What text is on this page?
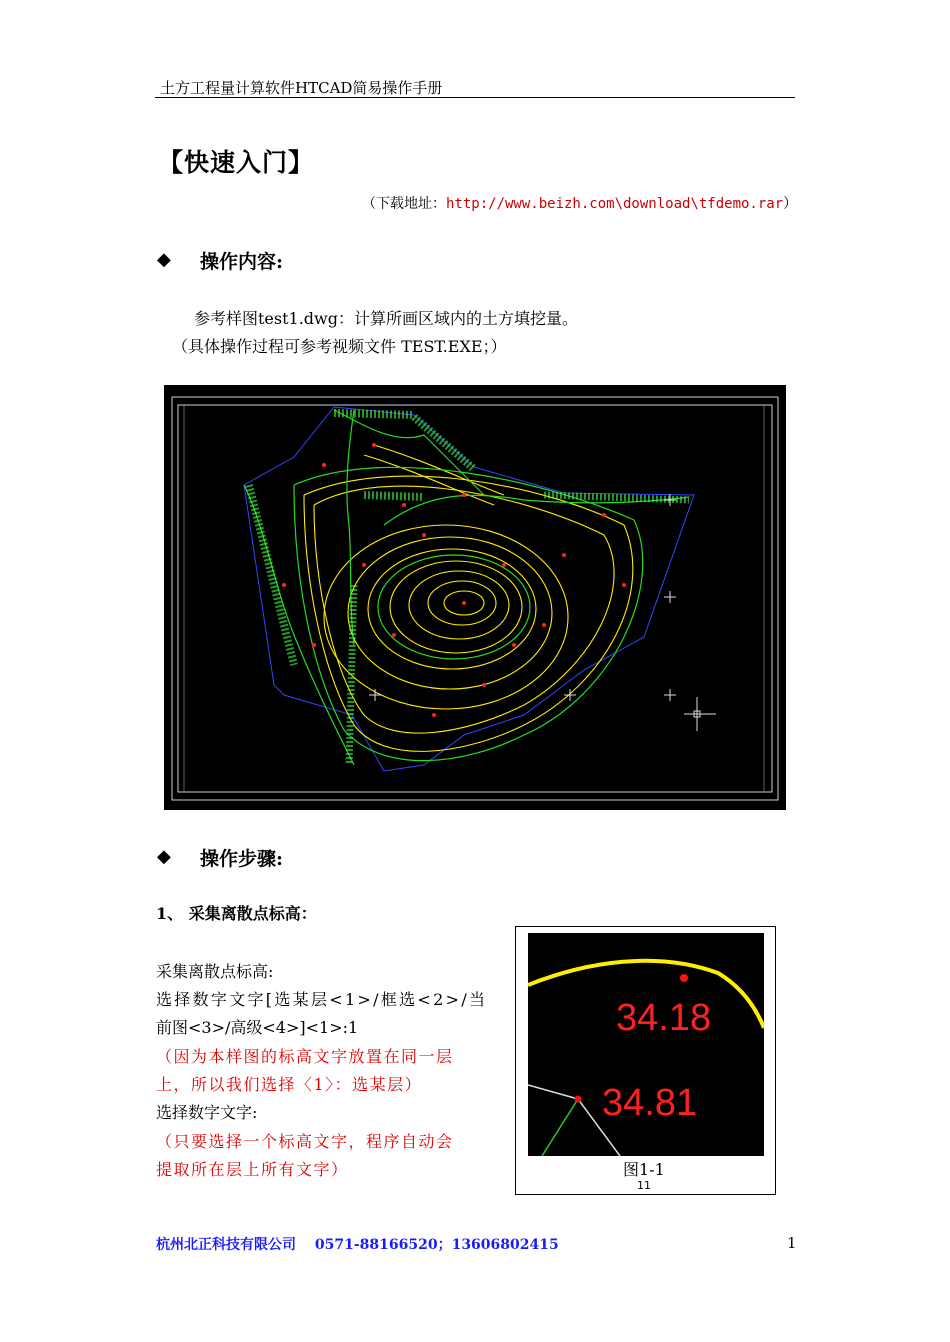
土方工程量计算软件HTCAD简易操作手册
【快速入门】
（下载地址：http://www.beizh.com\download\tfdemo.rar）
◆ 操作内容:
参考样图test1.dwg：计算所画区域内的土方填挖量。
（具体操作过程可参考视频文件 TEST.EXE；）
◆ 操作步骤:
1、 采集离散点标高：
采集离散点标高:
选择数字文字[选某层<1>/框选<2>/当
前图<3>/高级<4>]<1>:1
（因为本样图的标高文字放置在同一层
上，所以我们选择〈1〉：选某层）
选择数字文字:
（只要选择一个标高文字，程序自动会
提取所在层上所有文字）
34.18
34.81
图1-1
11
杭州北正科技有限公司　 0571-88166520；13606802415	1
